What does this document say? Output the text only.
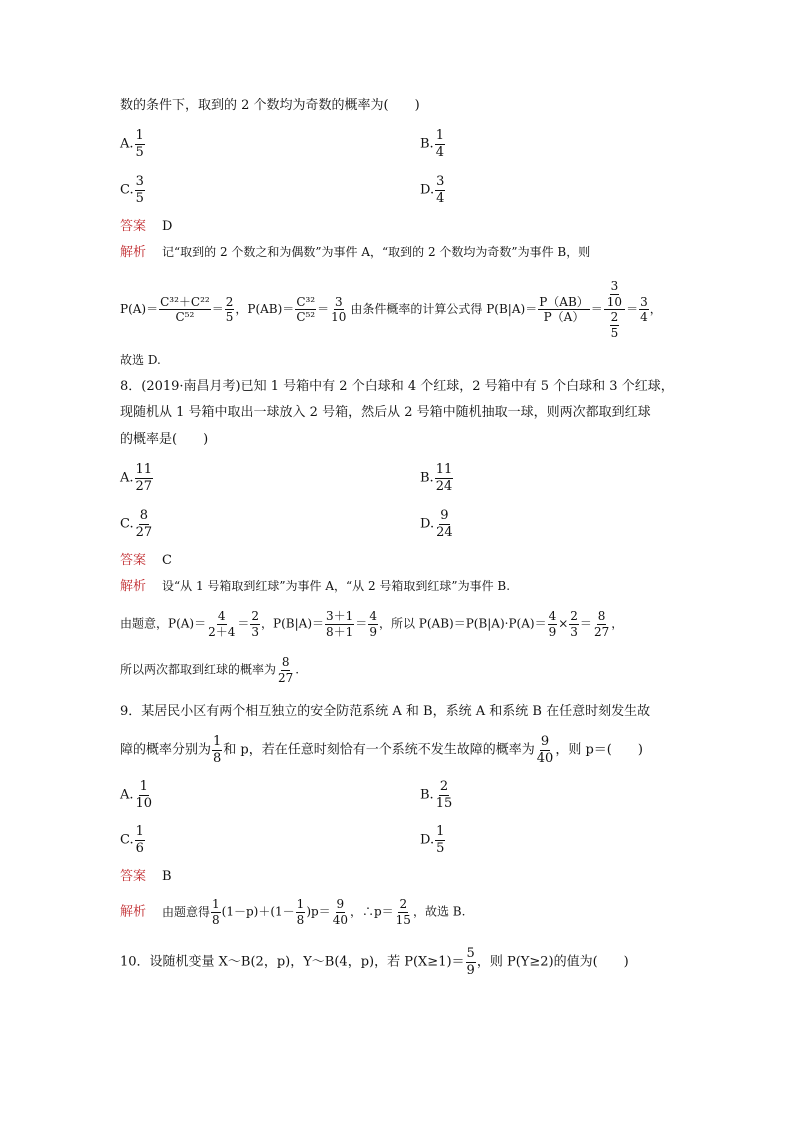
数的条件下，取到的 2 个数均为奇数的概率为(　　)
A. $\frac{1}{5}$	B. $\frac{1}{4}$
C. $\frac{3}{5}$	D. $\frac{3}{4}$
答案 D
解析 记“取到的 2 个数之和为偶数”为事件 A，“取到的 2 个数均为奇数”为事件 B，则
$P(A)= \frac{\text{C³²＋C²²}}{\text{C⁵²}} = \frac{2}{5}$ ，$P(AB)= \frac{\text{C³²}}{\text{C⁵²}} = \frac{3}{10}$ 由条件概率的计算公式得 $P(B|A)= \frac{P(AB)}{P(A)} = \frac{\frac{3}{10}}{\frac{2}{5}} = \frac{3}{4}$ ，
故选 D.
8．(2019·南昌月考)已知 1 号箱中有 2 个白球和 4 个红球，2 号箱中有 5 个白球和 3 个红球，
现随机从 1 号箱中取出一球放入 2 号箱，然后从 2 号箱中随机抽取一球，则两次都取到红球
的概率是(　　)
A. $\frac{11}{27}$	B. $\frac{11}{24}$
C. $\frac{8}{27}$	D. $\frac{9}{24}$
答案 C
解析 设“从 1 号箱取到红球”为事件 A，“从 2 号箱取到红球”为事件 B.
由题意，$P(A)= \frac{4}{2+4} = \frac{2}{3}$ ，$P(B|A)= \frac{3+1}{8+1} = \frac{4}{9}$ ，所以 $P(AB)=P(B|A)\cdot P(A)= \frac{4}{9} \times \frac{2}{3} = \frac{8}{27}$ ，
所以两次都取到红球的概率为 $\frac{8}{27}$ .
9．某居民小区有两个相互独立的安全防范系统 A 和 B，系统 A 和系统 B 在任意时刻发生故
障的概率分别为 $\frac{1}{8}$ 和 p，若在任意时刻恰有一个系统不发生故障的概率为 $\frac{9}{40}$ ，则 p＝(　　)
A. $\frac{1}{10}$	B. $\frac{2}{15}$
C. $\frac{1}{6}$	D. $\frac{1}{5}$
答案 B
解析 由题意得 $\frac{1}{8} (1-p)+(1- \frac{1}{8} )p= \frac{9}{40}$ ，∴p＝ $\frac{2}{15}$ ，故选 B.
10．设随机变量 X～B(2，p)，Y～B(4，p)，若 $P(X\ge 1)= \frac{5}{9}$ ，则 P(Y≥2)的值为(　　)
